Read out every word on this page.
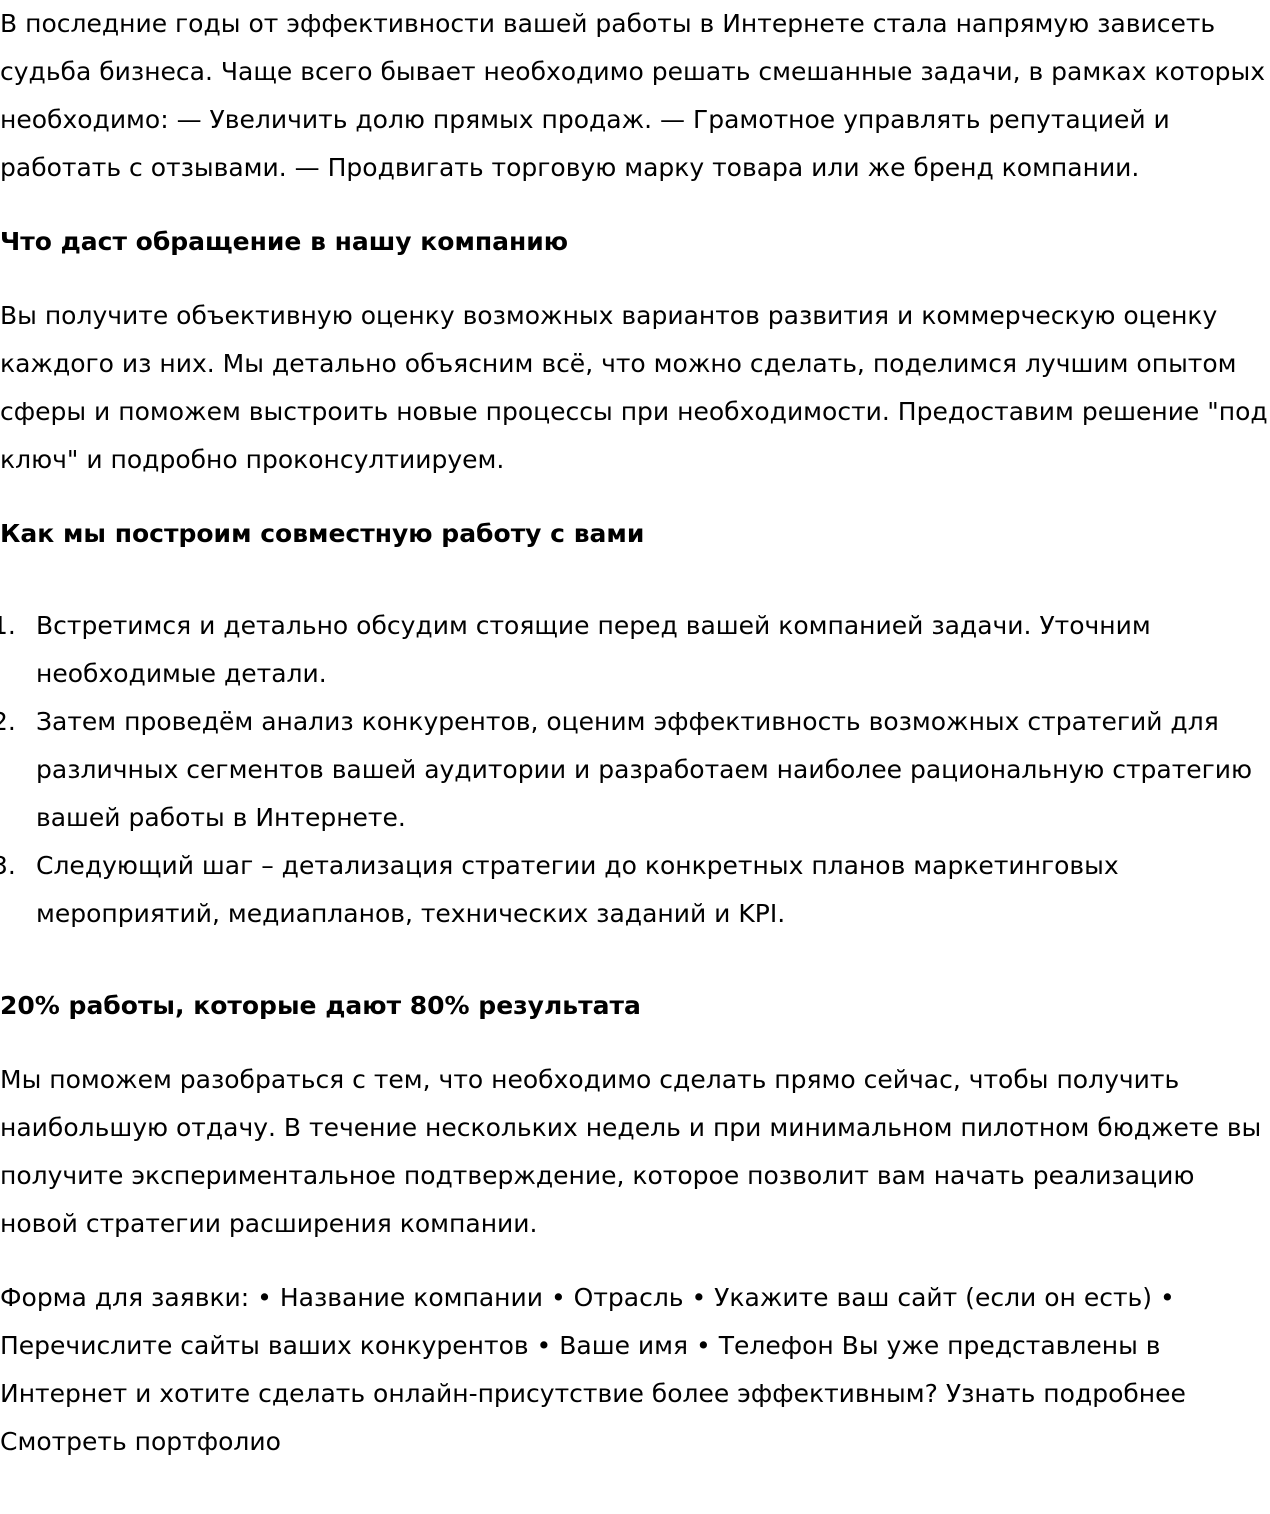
В последние годы от эффективности вашей работы в Интернете стала напрямую зависеть судьба бизнеса. Чаще всего бывает необходимо решать смешанные задачи, в рамках которых необходимо: — Увеличить долю прямых продаж. — Грамотное управлять репутацией и работать с отзывами. — Продвигать торговую марку товара или же бренд компании.

Что даст обращение в нашу компанию

Вы получите объективную оценку возможных вариантов развития и коммерческую оценку каждого из них. Мы детально объясним всё, что можно сделать, поделимся лучшим опытом сферы и поможем выстроить новые процессы при необходимости. Предоставим решение "под ключ" и подробно проконсултиируем.

Как мы построим совместную работу с вами
Встретимся и детально обсудим стоящие перед вашей компанией задачи. Уточним необходимые детали.
Затем проведём анализ конкурентов, оценим эффективность возможных стратегий для различных сегментов вашей аудитории и разработаем наиболее рациональную стратегию вашей работы в Интернете.
Следующий шаг – детализация стратегии до конкретных планов маркетинговых мероприятий, медиапланов, технических заданий и KPI.
20% работы, которые дают 80% результата

Мы поможем разобраться с тем, что необходимо сделать прямо сейчас, чтобы получить наибольшую отдачу. В течение нескольких недель и при минимальном пилотном бюджете вы получите экспериментальное подтверждение, которое позволит вам начать реализацию новой стратегии расширения компании.

Форма для заявки: • Название компании • Отрасль • Укажите ваш сайт (если он есть) • Перечислите сайты ваших конкурентов • Ваше имя • Телефон Вы уже представлены в Интернет и хотите сделать онлайн-присутствие более эффективным? Узнать подробнее Смотреть портфолио
